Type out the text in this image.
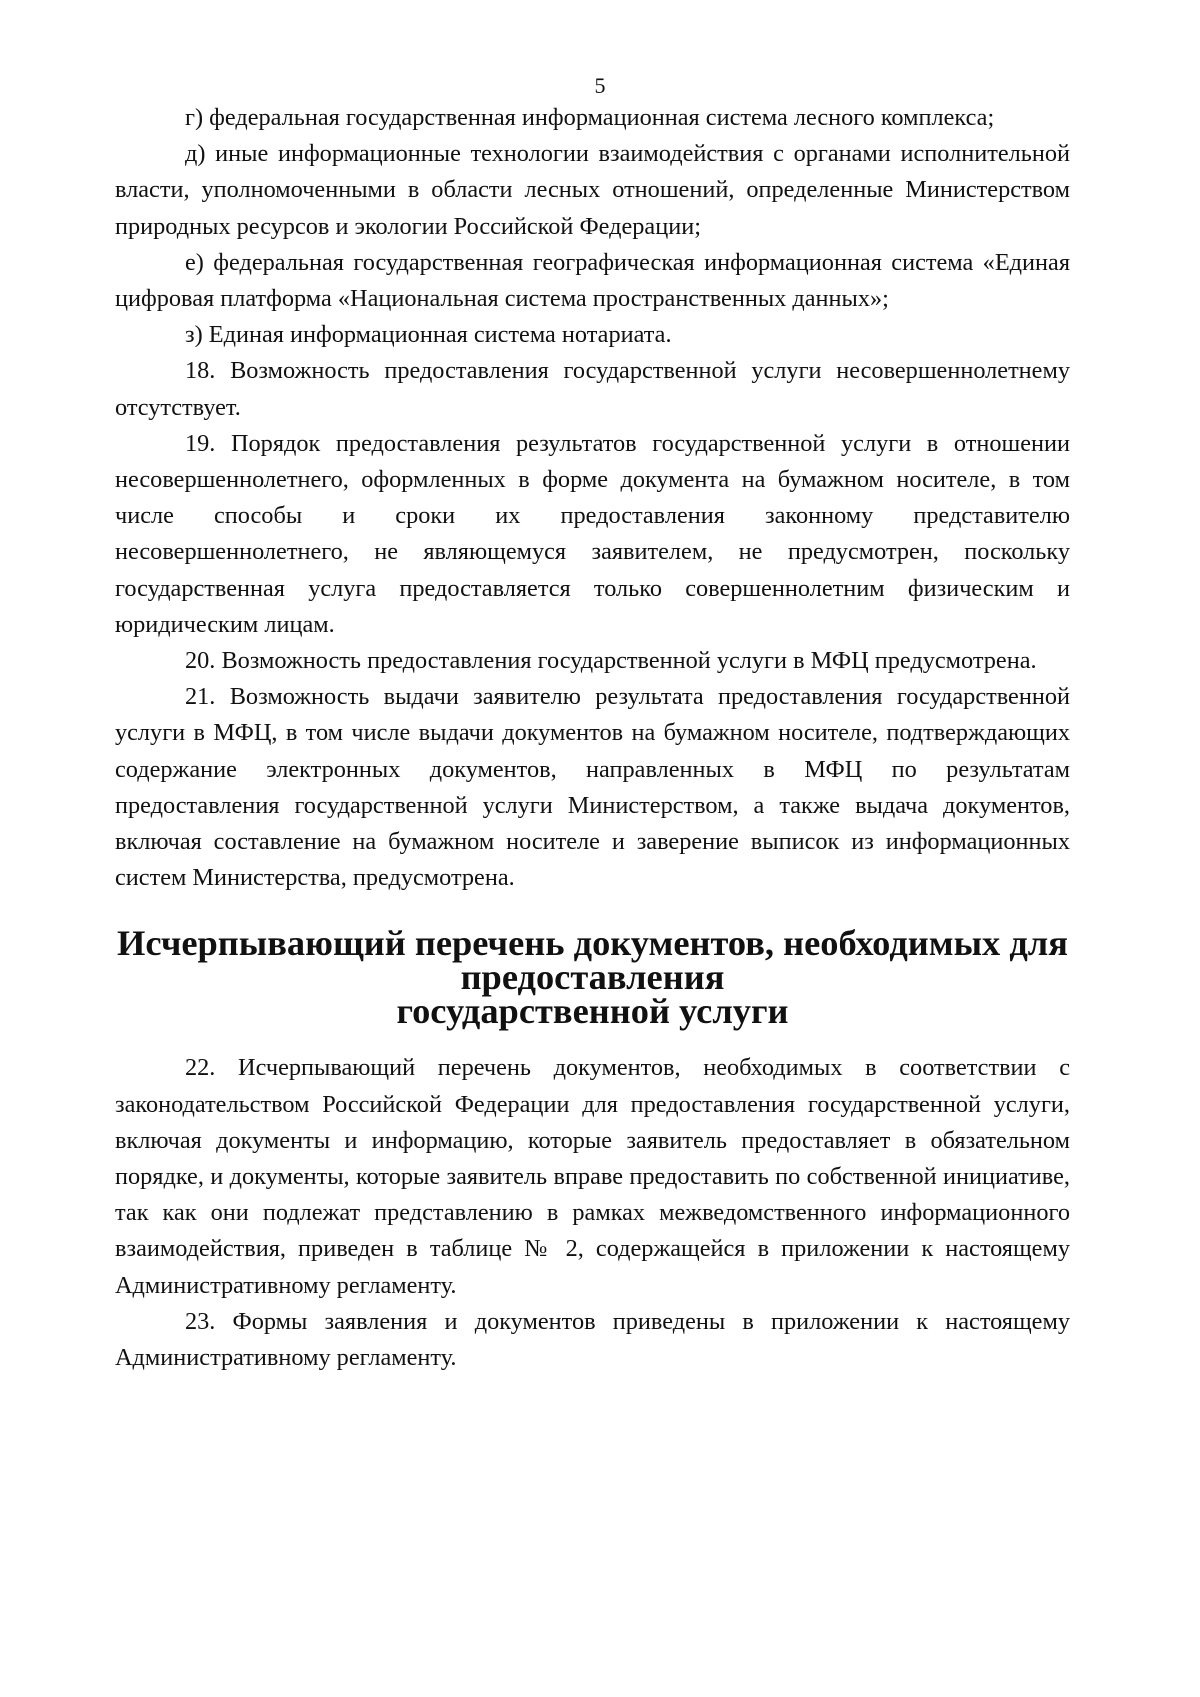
5

г) федеральная государственная информационная система лесного комплекса;

д) иные информационные технологии взаимодействия с органами исполнительной власти, уполномоченными в области лесных отношений, определенные Министерством природных ресурсов и экологии Российской Федерации;

е) федеральная государственная географическая информационная система «Единая цифровая платформа «Национальная система пространственных данных»;

з) Единая информационная система нотариата.

18. Возможность предоставления государственной услуги несовершеннолетнему отсутствует.

19. Порядок предоставления результатов государственной услуги в отношении несовершеннолетнего, оформленных в форме документа на бумажном носителе, в том числе способы и сроки их предоставления законному представителю несовершеннолетнего, не являющемуся заявителем, не предусмотрен, поскольку государственная услуга предоставляется только совершеннолетним физическим и юридическим лицам.

20. Возможность предоставления государственной услуги в МФЦ предусмотрена.

21. Возможность выдачи заявителю результата предоставления государственной услуги в МФЦ, в том числе выдачи документов на бумажном носителе, подтверждающих содержание электронных документов, направленных в МФЦ по результатам предоставления государственной услуги Министерством, а также выдача документов, включая составление на бумажном носителе и заверение выписок из информационных систем Министерства, предусмотрена.

Исчерпывающий перечень документов, необходимых для предоставления
государственной услуги

22. Исчерпывающий перечень документов, необходимых в соответствии с законодательством Российской Федерации для предоставления государственной услуги, включая документы и информацию, которые заявитель предоставляет в обязательном порядке, и документы, которые заявитель вправе предоставить по собственной инициативе, так как они подлежат представлению в рамках межведомственного информационного взаимодействия, приведен в таблице № 2, содержащейся в приложении к настоящему Административному регламенту.

23. Формы заявления и документов приведены в приложении к настоящему Административному регламенту.
